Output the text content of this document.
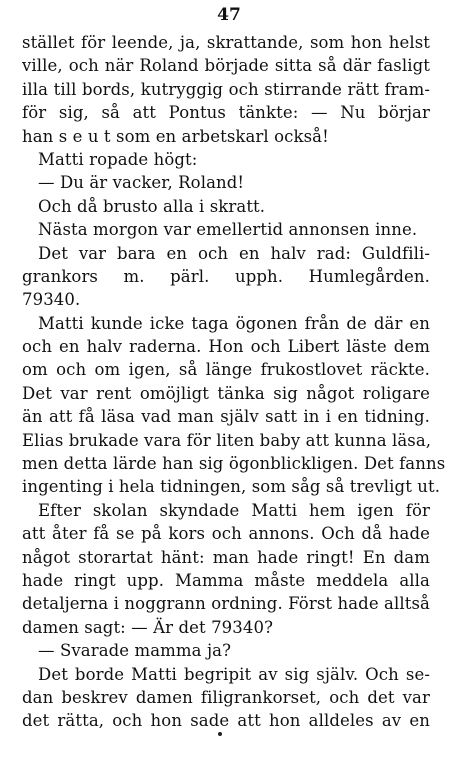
47
stället för leende, ja, skrattande, som hon helst
ville, och när Roland började sitta så där fasligt
illa till bords, kutryggig och stirrande rätt fram-
för sig, så att Pontus tänkte: — Nu börjar
han s e u t som en arbetskarl också!
Matti ropade högt:
— Du är vacker, Roland!
Och då brusto alla i skratt.
Nästa morgon var emellertid annonsen inne.
Det var bara en och en halv rad: Guldfili-
grankors m. pärl. upph. Humlegården.
79340.
Matti kunde icke taga ögonen från de där en
och en halv raderna. Hon och Libert läste dem
om och om igen, så länge frukostlovet räckte.
Det var rent omöjligt tänka sig något roligare
än att få läsa vad man själv satt in i en tidning.
Elias brukade vara för liten baby att kunna läsa,
men detta lärde han sig ögonblickligen. Det fanns
ingenting i hela tidningen, som såg så trevligt ut.
Efter skolan skyndade Matti hem igen för
att åter få se på kors och annons. Och då hade
något storartat hänt: man hade ringt! En dam
hade ringt upp. Mamma måste meddela alla
detaljerna i noggrann ordning. Först hade alltså
damen sagt: — Är det 79340?
— Svarade mamma ja?
Det borde Matti begripit av sig själv. Och se-
dan beskrev damen filigrankorset, och det var
det rätta, och hon sade att hon alldeles av en
